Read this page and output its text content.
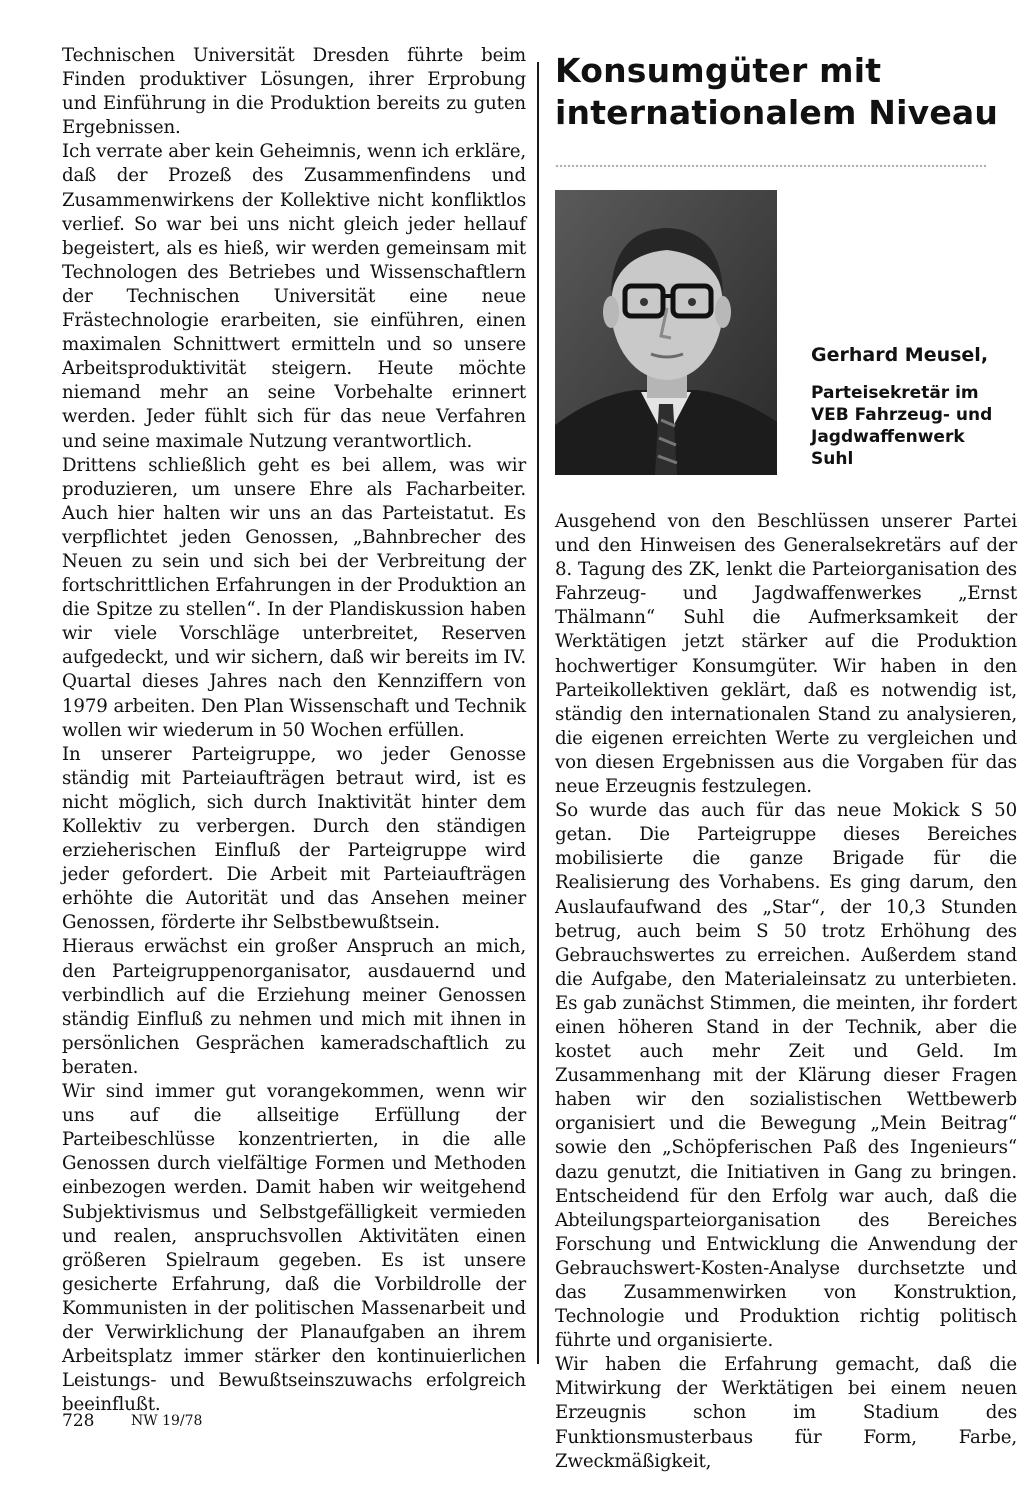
Technischen Universität Dresden führte beim Finden produktiver Lösungen, ihrer Erprobung und Einführung in die Produktion bereits zu guten Ergebnissen.

Ich verrate aber kein Geheimnis, wenn ich erkläre, daß der Prozeß des Zusammenfindens und Zusammenwirkens der Kollektive nicht konfliktlos verlief. So war bei uns nicht gleich jeder hellauf begeistert, als es hieß, wir werden gemeinsam mit Technologen des Betriebes und Wissenschaftlern der Technischen Universität eine neue Frästechnologie erarbeiten, sie einführen, einen maximalen Schnittwert ermitteln und so unsere Arbeitsproduktivität steigern. Heute möchte niemand mehr an seine Vorbehalte erinnert werden. Jeder fühlt sich für das neue Verfahren und seine maximale Nutzung verantwortlich.

Drittens schließlich geht es bei allem, was wir produzieren, um unsere Ehre als Facharbeiter. Auch hier halten wir uns an das Parteistatut. Es verpflichtet jeden Genossen, „Bahnbrecher des Neuen zu sein und sich bei der Verbreitung der fortschrittlichen Erfahrungen in der Produktion an die Spitze zu stellen“. In der Plandiskussion haben wir viele Vorschläge unterbreitet, Reserven aufgedeckt, und wir sichern, daß wir bereits im IV. Quartal dieses Jahres nach den Kennziffern von 1979 arbeiten. Den Plan Wissenschaft und Technik wollen wir wiederum in 50 Wochen erfüllen.

In unserer Parteigruppe, wo jeder Genosse ständig mit Parteiaufträgen betraut wird, ist es nicht möglich, sich durch Inaktivität hinter dem Kollektiv zu verbergen. Durch den ständigen erzieherischen Einfluß der Parteigruppe wird jeder gefordert. Die Arbeit mit Parteiaufträgen erhöhte die Autorität und das Ansehen meiner Genossen, förderte ihr Selbstbewußtsein.

Hieraus erwächst ein großer Anspruch an mich, den Parteigruppenorganisator, ausdauernd und verbindlich auf die Erziehung meiner Genossen ständig Einfluß zu nehmen und mich mit ihnen in persönlichen Gesprächen kameradschaftlich zu beraten.

Wir sind immer gut vorangekommen, wenn wir uns auf die allseitige Erfüllung der Parteibeschlüsse konzentrierten, in die alle Genossen durch vielfältige Formen und Methoden einbezogen werden. Damit haben wir weitgehend Subjektivismus und Selbstgefälligkeit vermieden und realen, anspruchsvollen Aktivitäten einen größeren Spielraum gegeben. Es ist unsere gesicherte Erfahrung, daß die Vorbildrolle der Kommunisten in der politischen Massenarbeit und der Verwirklichung der Planaufgaben an ihrem Arbeitsplatz immer stärker den kontinuierlichen Leistungs- und Bewußtseinszuwachs erfolgreich beeinflußt.

Konsumgüter mit
internationalem Niveau
Gerhard Meusel,
Parteisekretär im
VEB Fahrzeug- und
Jagdwaffenwerk
Suhl

Ausgehend von den Beschlüssen unserer Partei und den Hinweisen des Generalsekretärs auf der 8. Tagung des ZK, lenkt die Parteiorganisation des Fahrzeug- und Jagdwaffenwerkes „Ernst Thälmann“ Suhl die Aufmerksamkeit der Werktätigen jetzt stärker auf die Produktion hochwertiger Konsumgüter. Wir haben in den Parteikollektiven geklärt, daß es notwendig ist, ständig den internationalen Stand zu analysieren, die eigenen erreichten Werte zu vergleichen und von diesen Ergebnissen aus die Vorgaben für das neue Erzeugnis festzulegen.

So wurde das auch für das neue Mokick S 50 getan. Die Parteigruppe dieses Bereiches mobilisierte die ganze Brigade für die Realisierung des Vorhabens. Es ging darum, den Auslaufaufwand des „Star“, der 10,3 Stunden betrug, auch beim S 50 trotz Erhöhung des Gebrauchswertes zu erreichen. Außerdem stand die Aufgabe, den Materialeinsatz zu unterbieten. Es gab zunächst Stimmen, die meinten, ihr fordert einen höheren Stand in der Technik, aber die kostet auch mehr Zeit und Geld. Im Zusammenhang mit der Klärung dieser Fragen haben wir den sozialistischen Wettbewerb organisiert und die Bewegung „Mein Beitrag“ sowie den „Schöpferischen Paß des Ingenieurs“ dazu genutzt, die Initiativen in Gang zu bringen. Entscheidend für den Erfolg war auch, daß die Abteilungsparteiorganisation des Bereiches Forschung und Entwicklung die Anwendung der Gebrauchswert-Kosten-Analyse durchsetzte und das Zusammenwirken von Konstruktion, Technologie und Produktion richtig politisch führte und organisierte.

Wir haben die Erfahrung gemacht, daß die Mitwirkung der Werktätigen bei einem neuen Erzeugnis schon im Stadium des Funktionsmusterbaus für Form, Farbe, Zweckmäßigkeit,

728	NW 19/78
